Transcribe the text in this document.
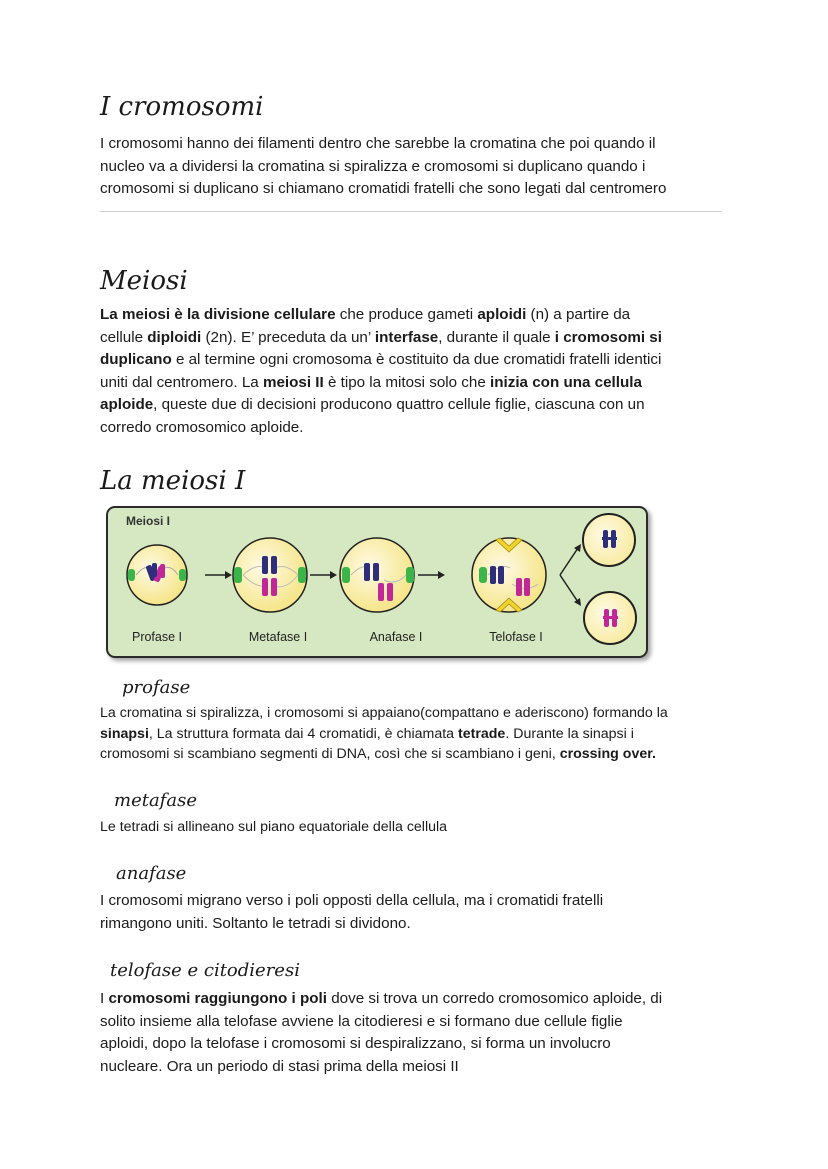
I cromosomi
I cromosomi hanno dei filamenti dentro che sarebbe la cromatina che poi quando il
nucleo va a dividersi la cromatina si spiralizza e cromosomi si duplicano quando i
cromosomi si duplicano si chiamano cromatidi fratelli che sono legati dal centromero
Meiosi
La meiosi è la divisione cellulare che produce gameti aploidi (n) a partire da
cellule diploidi (2n). E’ preceduta da un’ interfase, durante il quale i cromosomi si
duplicano e al termine ogni cromosoma è costituito da due cromatidi fratelli identici
uniti dal centromero. La meiosi II è tipo la mitosi solo che inizia con una cellula
aploide, queste due di decisioni producono quattro cellule figlie, ciascuna con un
corredo cromosomico aploide.
La meiosi I
Meiosi I
Profase I	Metafase I	Anafase I	Telofase I
profase
La cromatina si spiralizza, i cromosomi si appaiano(compattano e aderiscono) formando la
sinapsi, La struttura formata dai 4 cromatidi, è chiamata tetrade. Durante la sinapsi i
cromosomi si scambiano segmenti di DNA, così che si scambiano i geni, crossing over.
metafase
Le tetradi si allineano sul piano equatoriale della cellula
anafase
I cromosomi migrano verso i poli opposti della cellula, ma i cromatidi fratelli
rimangono uniti. Soltanto le tetradi si dividono.
telofase e citodieresi
I cromosomi raggiungono i poli dove si trova un corredo cromosomico aploide, di
solito insieme alla telofase avviene la citodieresi e si formano due cellule figlie
aploidi, dopo la telofase i cromosomi si despiralizzano, si forma un involucro
nucleare. Ora un periodo di stasi prima della meiosi II
